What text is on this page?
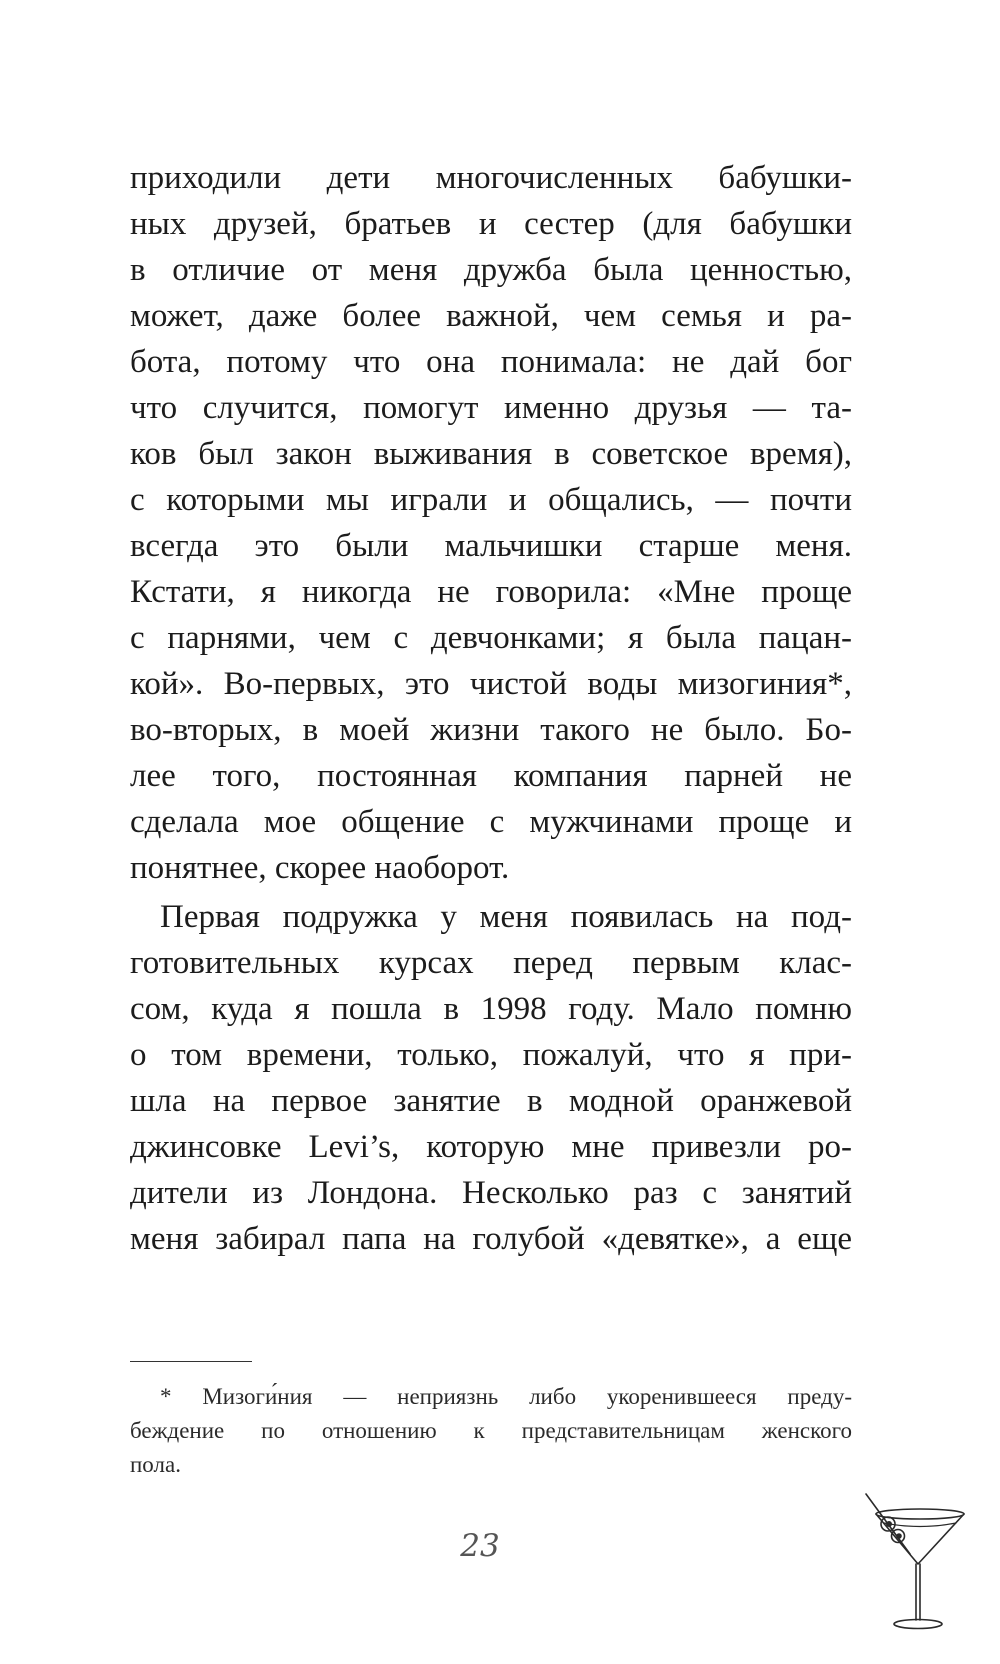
приходили дети многочисленных бабушки-
ных друзей, братьев и сестер (для бабушки
в отличие от меня дружба была ценностью,
может, даже более важной, чем семья и ра-
бота, потому что она понимала: не дай бог
что случится, помогут именно друзья — та-
ков был закон выживания в советское время),
с которыми мы играли и общались, — почти
всегда это были мальчишки старше меня.
Кстати, я никогда не говорила: «Мне проще
с парнями, чем с девчонками; я была пацан-
кой». Во-первых, это чистой воды мизогиния*,
во-вторых, в моей жизни такого не было. Бо-
лее того, постоянная компания парней не
сделала мое общение с мужчинами проще и
понятнее, скорее наоборот.
Первая подружка у меня появилась на под-
готовительных курсах перед первым клас-
сом, куда я пошла в 1998 году. Мало помню
о том времени, только, пожалуй, что я при-
шла на первое занятие в модной оранжевой
джинсовке Levi’s, которую мне привезли ро-
дители из Лондона. Несколько раз с занятий
меня забирал папа на голубой «девятке», а еще
* Мизоги́ния — неприязнь либо укоренившееся преду-
беждение по отношению к представительницам женского
пола.
23
